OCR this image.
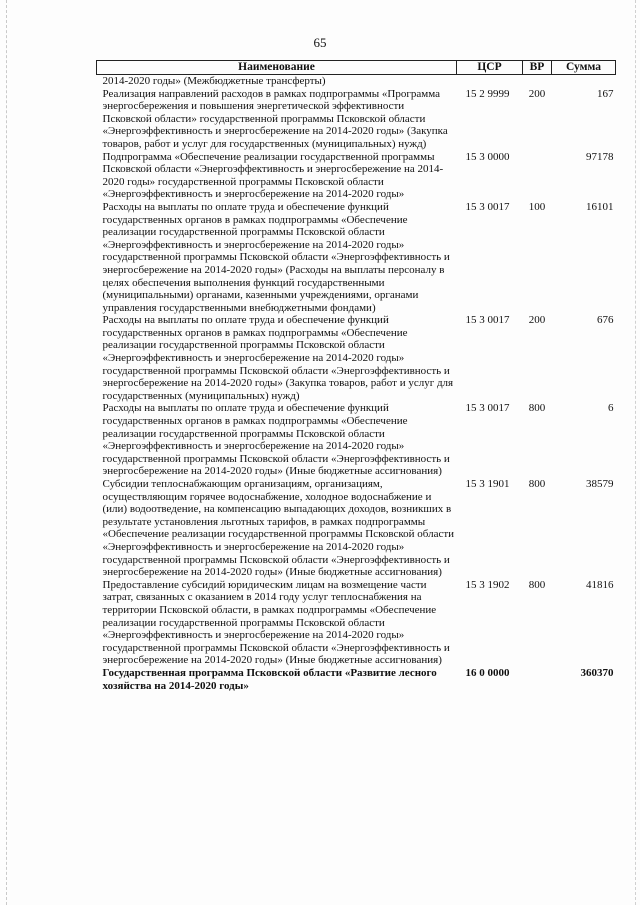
65
Наименование	ЦСР	ВР	Сумма
2014-2020 годы» (Межбюджетные трансферты)			
Реализация направлений расходов в рамках подпрограммы «Программа энергосбережения и повышения энергетической эффективности Псковской области» государственной программы Псковской области «Энергоэффективность и энергосбережение на 2014-2020 годы» (Закупка товаров, работ и услуг для государственных (муниципальных) нужд)	15 2 9999	200	167
Подпрограмма «Обеспечение реализации государственной программы Псковской области «Энергоэффективность и энергосбережение на 2014-2020 годы» государственной программы Псковской области «Энергоэффективность и энергосбережение на 2014-2020 годы»	15 3 0000		97178
Расходы на выплаты по оплате труда и обеспечение функций государственных органов в рамках подпрограммы «Обеспечение реализации государственной программы Псковской области «Энергоэффективность и энергосбережение на 2014-2020 годы» государственной программы Псковской области «Энергоэффективность и энергосбережение на 2014-2020 годы» (Расходы на выплаты персоналу в целях обеспечения выполнения функций государственными (муниципальными) органами, казенными учреждениями, органами управления государственными внебюджетными фондами)	15 3 0017	100	16101
Расходы на выплаты по оплате труда и обеспечение функций государственных органов в рамках подпрограммы «Обеспечение реализации государственной программы Псковской области «Энергоэффективность и энергосбережение на 2014-2020 годы» государственной программы Псковской области «Энергоэффективность и энергосбережение на 2014-2020 годы» (Закупка товаров, работ и услуг для государственных (муниципальных) нужд)	15 3 0017	200	676
Расходы на выплаты по оплате труда и обеспечение функций государственных органов в рамках подпрограммы «Обеспечение реализации государственной программы Псковской области «Энергоэффективность и энергосбережение на 2014-2020 годы» государственной программы Псковской области «Энергоэффективность и энергосбережение на 2014-2020 годы» (Иные бюджетные ассигнования)	15 3 0017	800	6
Субсидии теплоснабжающим организациям, организациям, осуществляющим горячее водоснабжение, холодное водоснабжение и (или) водоотведение, на компенсацию выпадающих доходов, возникших в результате установления льготных тарифов, в рамках подпрограммы «Обеспечение реализации государственной программы Псковской области «Энергоэффективность и энергосбережение на 2014-2020 годы» государственной программы Псковской области «Энергоэффективность и энергосбережение на 2014-2020 годы» (Иные бюджетные ассигнования)	15 3 1901	800	38579
Предоставление субсидий юридическим лицам на возмещение части затрат, связанных с оказанием в 2014 году услуг теплоснабжения на территории Псковской области, в рамках подпрограммы «Обеспечение реализации государственной программы Псковской области «Энергоэффективность и энергосбережение на 2014-2020 годы» государственной программы Псковской области «Энергоэффективность и энергосбережение на 2014-2020 годы» (Иные бюджетные ассигнования)	15 3 1902	800	41816
Государственная программа Псковской области «Развитие лесного хозяйства на 2014-2020 годы»	16 0 0000		360370
